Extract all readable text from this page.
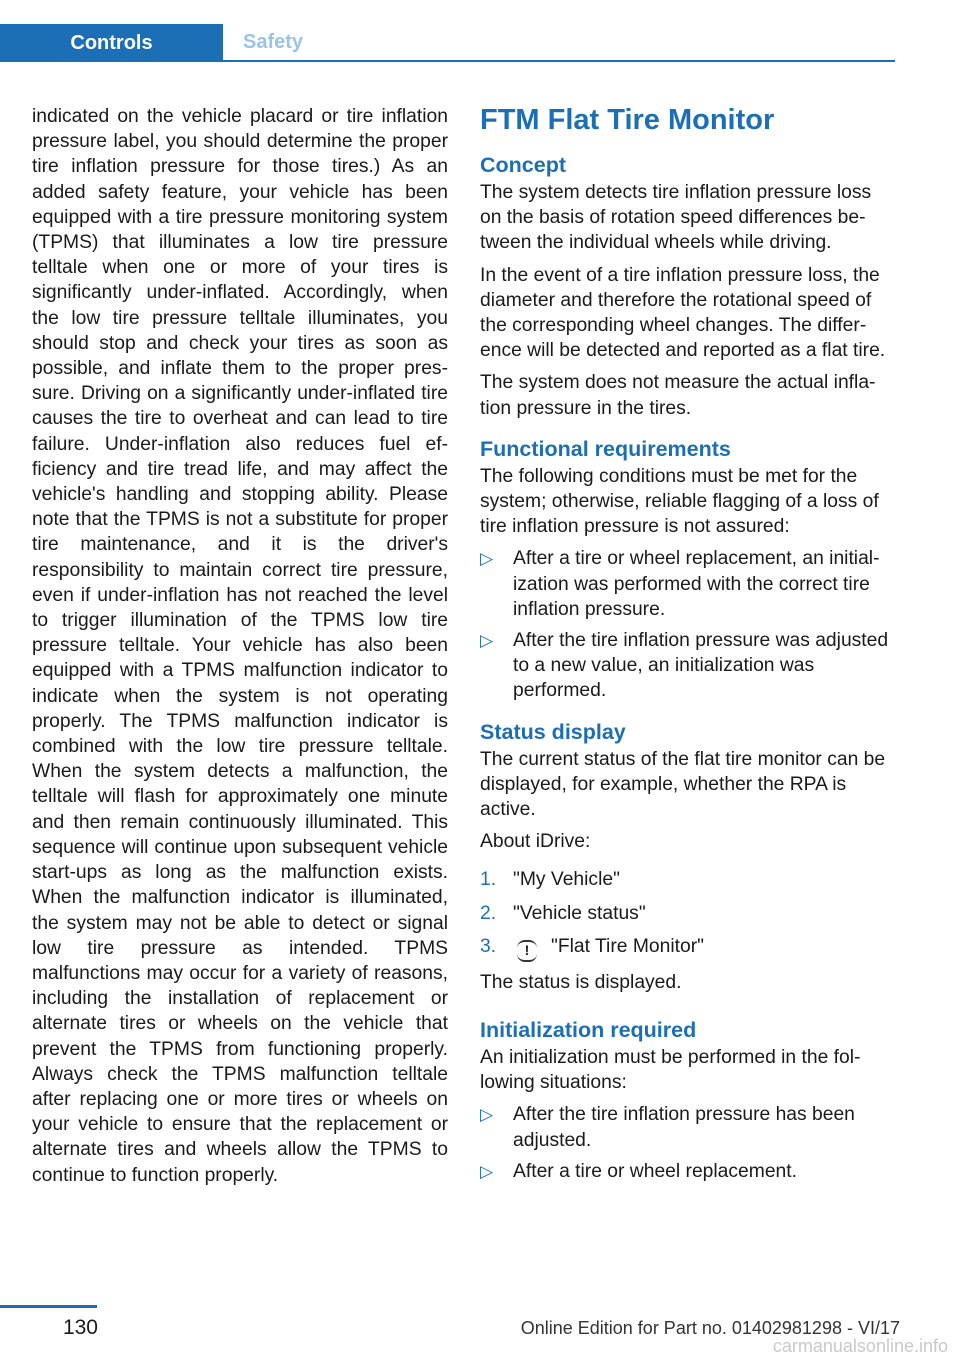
Controls	Safety

indicated on the vehicle placard or tire inflation pressure label, you should determine the proper tire inflation pressure for those tires.) As an added safety feature, your vehicle has been equipped with a tire pressure monitoring system (TPMS) that illuminates a low tire pressure telltale when one or more of your tires is significantly under-inflated. Accordingly, when the low tire pressure telltale illuminates, you should stop and check your tires as soon as possible, and inflate them to the proper pressure. Driving on a significantly under-inflated tire causes the tire to overheat and can lead to tire failure. Under-inflation also reduces fuel efficiency and tire tread life, and may affect the vehicle's handling and stopping ability. Please note that the TPMS is not a substitute for proper tire maintenance, and it is the driver's responsibility to maintain correct tire pressure, even if under-inflation has not reached the level to trigger illumination of the TPMS low tire pressure telltale. Your vehicle has also been equipped with a TPMS malfunction indicator to indicate when the system is not operating properly. The TPMS malfunction indicator is combined with the low tire pressure telltale. When the system detects a malfunction, the telltale will flash for approximately one minute and then remain continuously illuminated. This sequence will continue upon subsequent vehicle start-ups as long as the malfunction exists. When the malfunction indicator is illuminated, the system may not be able to detect or signal low tire pressure as intended. TPMS malfunctions may occur for a variety of reasons, including the installation of replacement or alternate tires or wheels on the vehicle that prevent the TPMS from functioning properly. Always check the TPMS malfunction telltale after replacing one or more tires or wheels on your vehicle to ensure that the replacement or alternate tires and wheels allow the TPMS to continue to function properly.

FTM Flat Tire Monitor
Concept

The system detects tire inflation pressure loss on the basis of rotation speed differences between the individual wheels while driving.

In the event of a tire inflation pressure loss, the diameter and therefore the rotational speed of the corresponding wheel changes. The difference will be detected and reported as a flat tire.

The system does not measure the actual inflation pressure in the tires.

Functional requirements

The following conditions must be met for the system; otherwise, reliable flagging of a loss of tire inflation pressure is not assured:

▷ After a tire or wheel replacement, an initialization was performed with the correct tire inflation pressure.
▷ After the tire inflation pressure was adjusted to a new value, an initialization was performed.
Status display

The current status of the flat tire monitor can be displayed, for example, whether the RPA is active.

About iDrive:

1. "My Vehicle"
2. "Vehicle status"
3. ! "Flat Tire Monitor"

The status is displayed.

Initialization required

An initialization must be performed in the following situations:

▷ After the tire inflation pressure has been adjusted.
▷ After a tire or wheel replacement.
130	Online Edition for Part no. 01402981298 - VI/17
carmanualsonline.info
